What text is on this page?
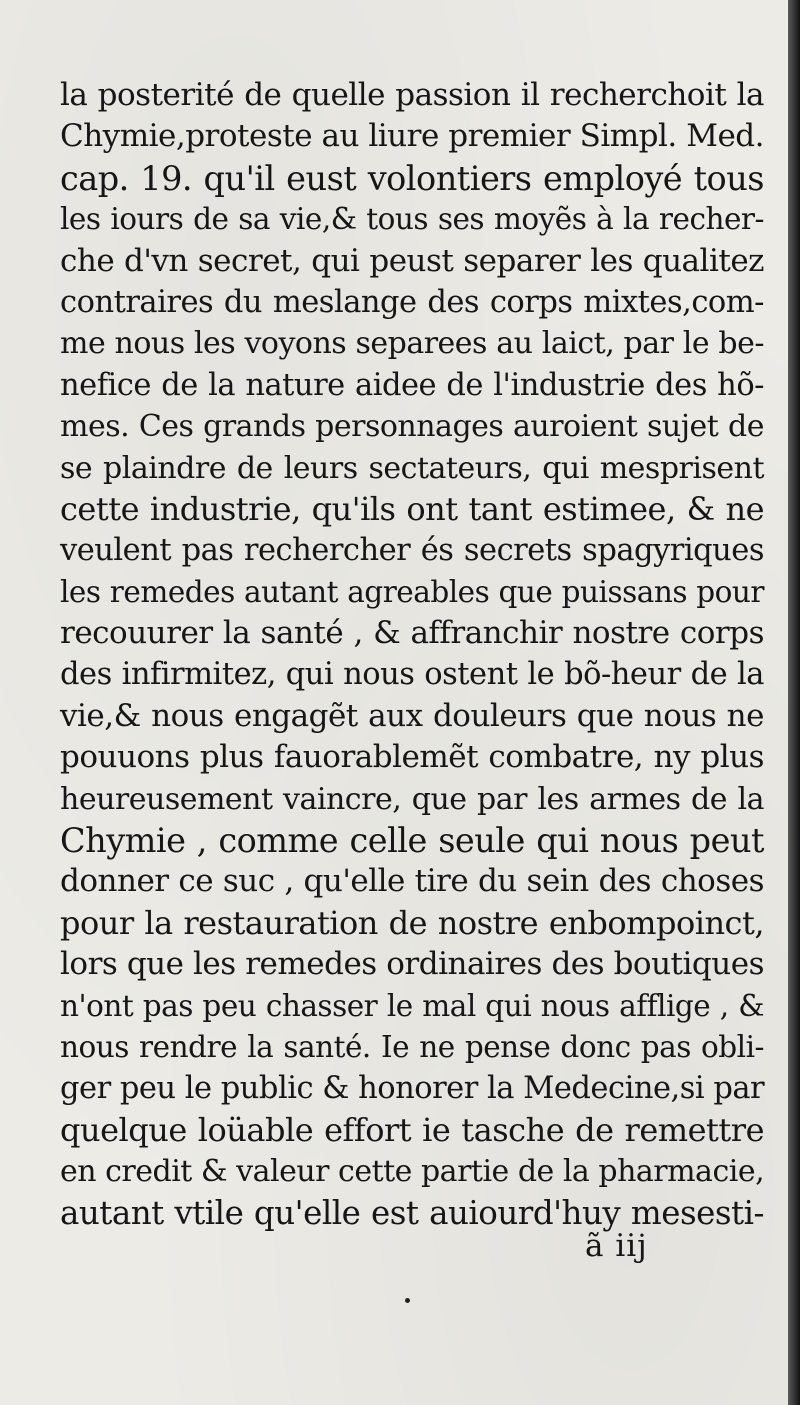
la posterité de quelle passion il recherchoit la
Chymie,proteste au liure premier Simpl. Med.
cap. 19. qu'il eust volontiers employé tous
les iours de sa vie,& tous ses moyẽs à la recher-
che d'vn secret, qui peust separer les qualitez
contraires du meslange des corps mixtes,com-
me nous les voyons separees au laict, par le be-
nefice de la nature aidee de l'industrie des hõ-
mes. Ces grands personnages auroient sujet de
se plaindre de leurs sectateurs, qui mesprisent
cette industrie, qu'ils ont tant estimee, & ne
veulent pas rechercher és secrets spagyriques
les remedes autant agreables que puissans pour
recouurer la santé , & affranchir nostre corps
des infirmitez, qui nous ostent le bõ-heur de la
vie,& nous engagẽt aux douleurs que nous ne
pouuons plus fauorablemẽt combatre, ny plus
heureusement vaincre, que par les armes de la
Chymie , comme celle seule qui nous peut
donner ce suc , qu'elle tire du sein des choses
pour la restauration de nostre enbompoinct,
lors que les remedes ordinaires des boutiques
n'ont pas peu chasser le mal qui nous afflige , &
nous rendre la santé. Ie ne pense donc pas obli-
ger peu le public & honorer la Medecine,si par
quelque loüable effort ie tasche de remettre
en credit & valeur cette partie de la pharmacie,
autant vtile qu'elle est auiourd'huy mesesti-
ã iij
